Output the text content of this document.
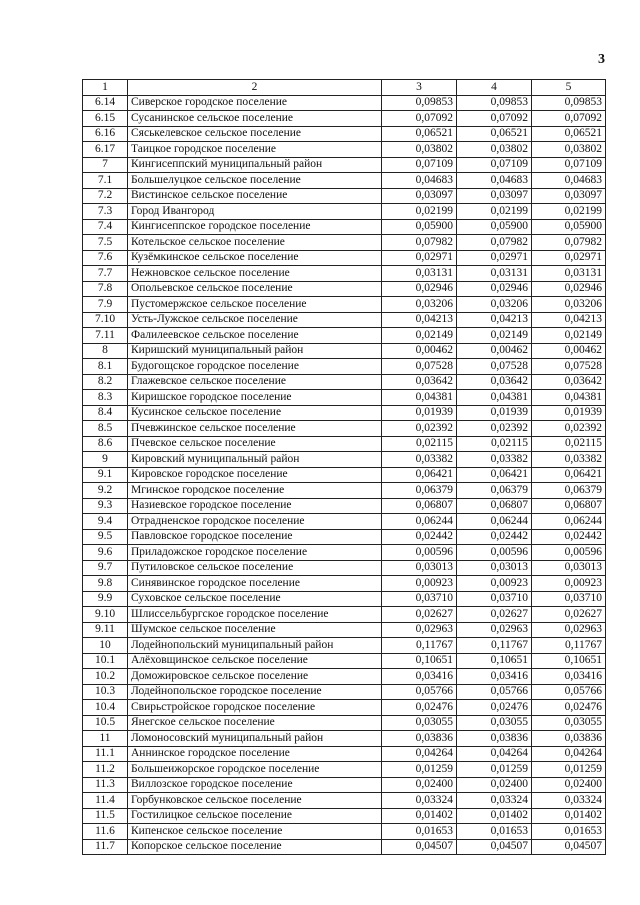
3
1	2	3	4	5
6.14	Сиверское городское поселение	0,09853	0,09853	0,09853
6.15	Сусанинское сельское поселение	0,07092	0,07092	0,07092
6.16	Сяськелевское сельское поселение	0,06521	0,06521	0,06521
6.17	Таицкое городское поселение	0,03802	0,03802	0,03802
7	Кингисеппский муниципальный район	0,07109	0,07109	0,07109
7.1	Большелуцкое сельское поселение	0,04683	0,04683	0,04683
7.2	Вистинское сельское поселение	0,03097	0,03097	0,03097
7.3	Город Ивангород	0,02199	0,02199	0,02199
7.4	Кингисеппское городское поселение	0,05900	0,05900	0,05900
7.5	Котельское сельское поселение	0,07982	0,07982	0,07982
7.6	Кузёмкинское сельское поселение	0,02971	0,02971	0,02971
7.7	Нежновское сельское поселение	0,03131	0,03131	0,03131
7.8	Опольевское сельское поселение	0,02946	0,02946	0,02946
7.9	Пустомержское сельское поселение	0,03206	0,03206	0,03206
7.10	Усть-Лужское сельское поселение	0,04213	0,04213	0,04213
7.11	Фалилеевское сельское поселение	0,02149	0,02149	0,02149
8	Киришский муниципальный район	0,00462	0,00462	0,00462
8.1	Будогощское городское поселение	0,07528	0,07528	0,07528
8.2	Глажевское сельское поселение	0,03642	0,03642	0,03642
8.3	Киришское городское поселение	0,04381	0,04381	0,04381
8.4	Кусинское сельское поселение	0,01939	0,01939	0,01939
8.5	Пчевжинское сельское поселение	0,02392	0,02392	0,02392
8.6	Пчевское сельское поселение	0,02115	0,02115	0,02115
9	Кировский муниципальный район	0,03382	0,03382	0,03382
9.1	Кировское городское поселение	0,06421	0,06421	0,06421
9.2	Мгинское городское поселение	0,06379	0,06379	0,06379
9.3	Назиевское городское поселение	0,06807	0,06807	0,06807
9.4	Отрадненское городское поселение	0,06244	0,06244	0,06244
9.5	Павловское городское поселение	0,02442	0,02442	0,02442
9.6	Приладожское городское поселение	0,00596	0,00596	0,00596
9.7	Путиловское сельское поселение	0,03013	0,03013	0,03013
9.8	Синявинское городское поселение	0,00923	0,00923	0,00923
9.9	Суховское сельское поселение	0,03710	0,03710	0,03710
9.10	Шлиссельбургское городское поселение	0,02627	0,02627	0,02627
9.11	Шумское сельское поселение	0,02963	0,02963	0,02963
10	Лодейнопольский муниципальный район	0,11767	0,11767	0,11767
10.1	Алёховщинское сельское поселение	0,10651	0,10651	0,10651
10.2	Доможировское сельское поселение	0,03416	0,03416	0,03416
10.3	Лодейнопольское городское поселение	0,05766	0,05766	0,05766
10.4	Свирьстройское городское поселение	0,02476	0,02476	0,02476
10.5	Янегское сельское поселение	0,03055	0,03055	0,03055
11	Ломоносовский муниципальный район	0,03836	0,03836	0,03836
11.1	Аннинское городское поселение	0,04264	0,04264	0,04264
11.2	Большеижорское городское поселение	0,01259	0,01259	0,01259
11.3	Виллозское городское поселение	0,02400	0,02400	0,02400
11.4	Горбунковское сельское поселение	0,03324	0,03324	0,03324
11.5	Гостилицкое сельское поселение	0,01402	0,01402	0,01402
11.6	Кипенское сельское поселение	0,01653	0,01653	0,01653
11.7	Копорское сельское поселение	0,04507	0,04507	0,04507
